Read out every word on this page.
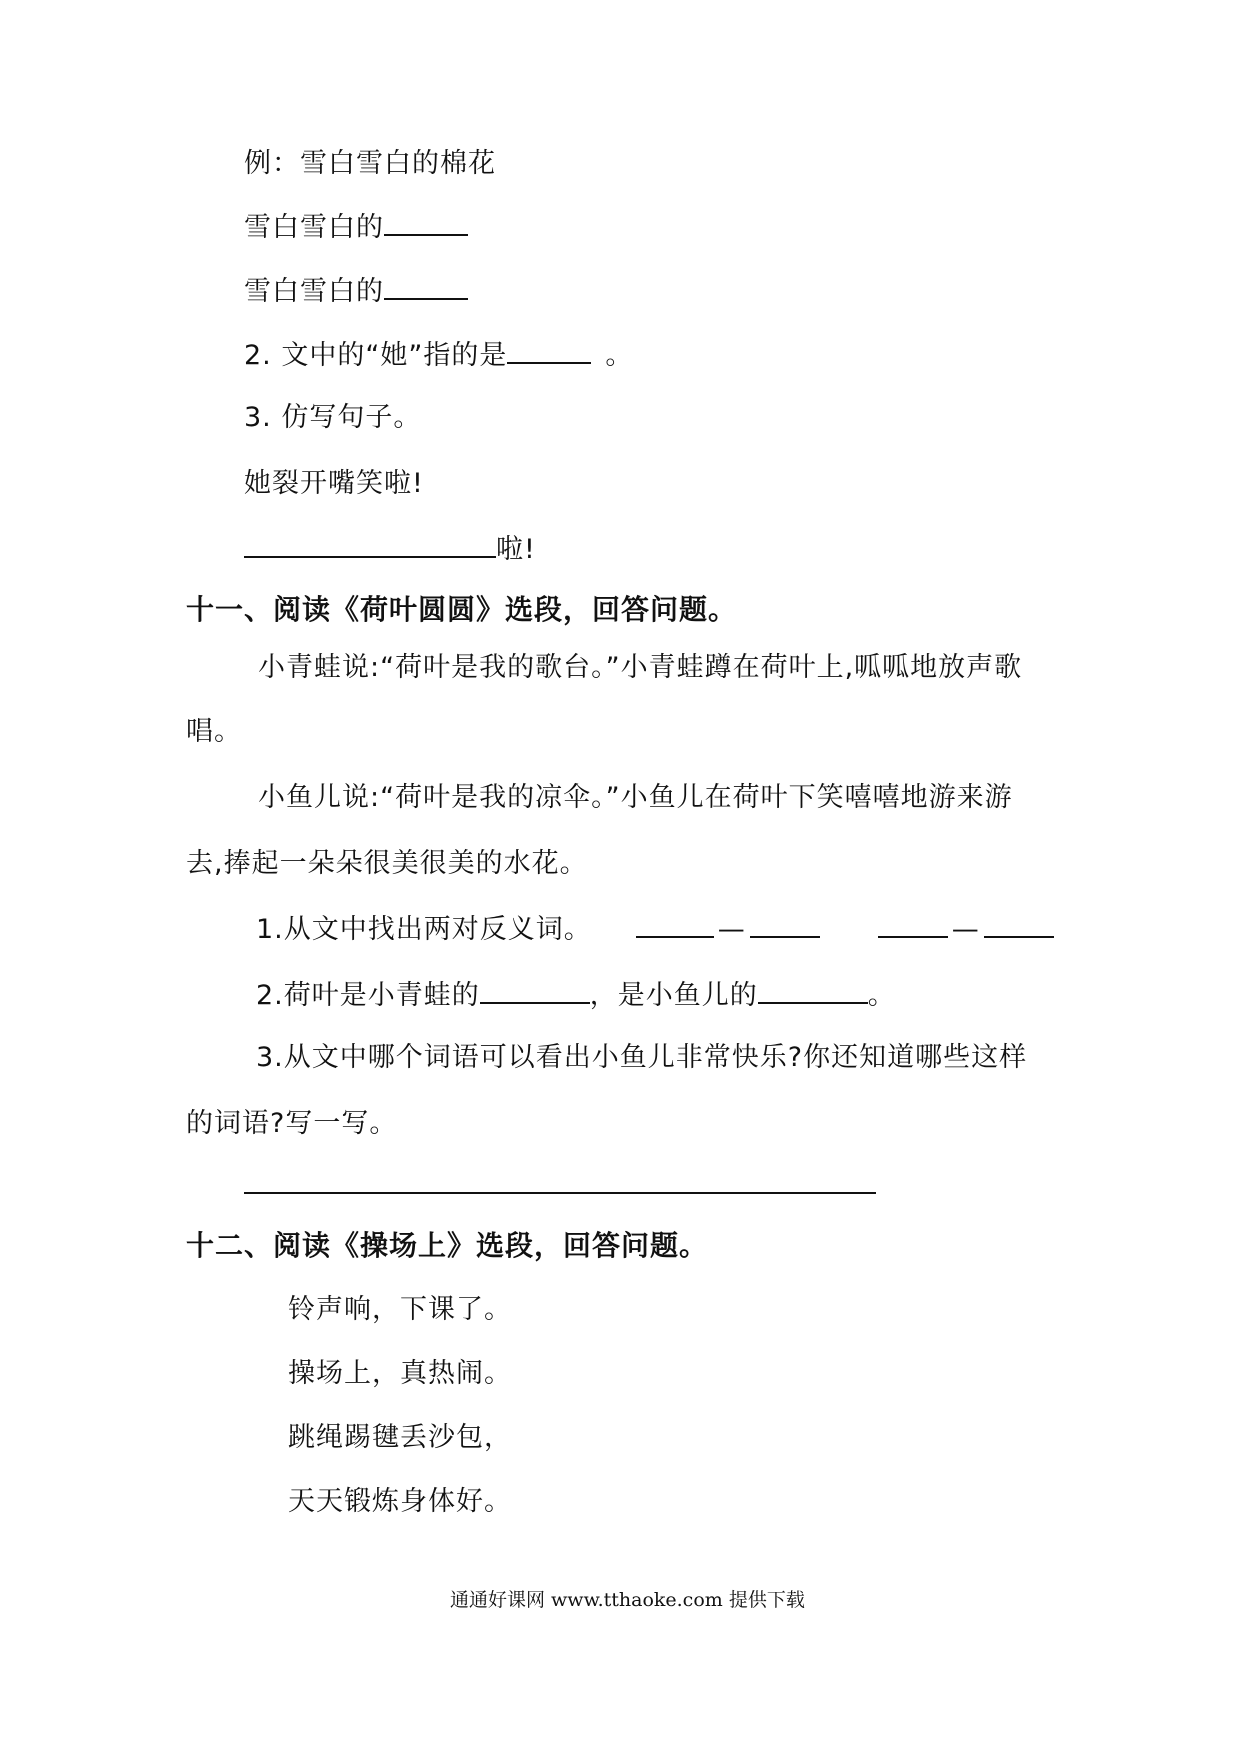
例：雪白雪白的棉花
雪白雪白的
雪白雪白的
2. 文中的“她”指的是	。
3. 仿写句子。
她裂开嘴笑啦!
啦!
十一、阅读《荷叶圆圆》选段，回答问题。
小青蛙说:“荷叶是我的歌台。”小青蛙蹲在荷叶上,呱呱地放声歌
唱。
小鱼儿说:“荷叶是我的凉伞。”小鱼儿在荷叶下笑嘻嘻地游来游
去,捧起一朵朵很美很美的水花。
1.从文中找出两对反义词。	—	—
2.荷叶是小青蛙的	，是小鱼儿的	。
3.从文中哪个词语可以看出小鱼儿非常快乐?你还知道哪些这样
的词语?写一写。
十二、阅读《操场上》选段，回答问题。
铃声响，下课了。
操场上，真热闹。
跳绳踢毽丢沙包，
天天锻炼身体好。
通通好课网 www.tthaoke.com 提供下载
